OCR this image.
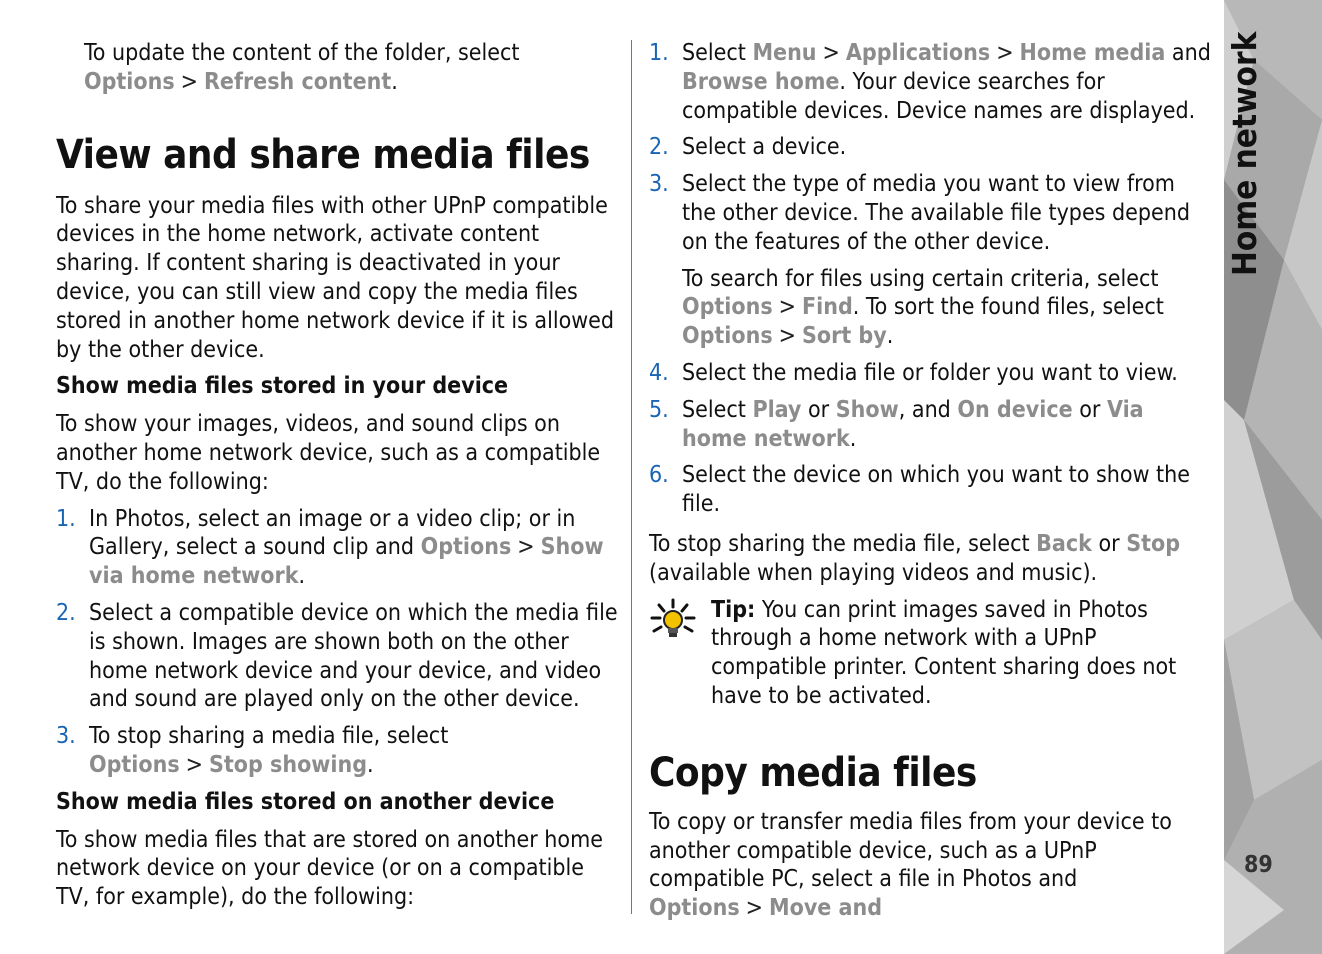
89

To update the content of the folder, select Options > Refresh content.

View and share media files

To share your media files with other UPnP compatible devices in the home network, activate content sharing. If content sharing is deactivated in your device, you can still view and copy the media files stored in another home network device if it is allowed by the other device.

Show media files stored in your device

To show your images, videos, and sound clips on another home network device, such as a compatible TV, do the following:

1. In Photos, select an image or a video clip; or in Gallery, select a sound clip and Options > Show via home network.
2. Select a compatible device on which the media file is shown. Images are shown both on the other home network device and your device, and video and sound are played only on the other device.
3. To stop sharing a media file, select Options > Stop showing.
Show media files stored on another device

To show media files that are stored on another home network device on your device (or on a compatible TV, for example), do the following:

1. Select Menu > Applications > Home media and Browse home. Your device searches for compatible devices. Device names are displayed.
2. Select a device.
3. Select the type of media you want to view from the other device. The available file types depend on the features of the other device.

To search for files using certain criteria, select Options > Find. To sort the found files, select Options > Sort by.

4. Select the media file or folder you want to view.
5. Select Play or Show, and On device or Via home network.
6. Select the device on which you want to show the file.

To stop sharing the media file, select Back or Stop (available when playing videos and music).

Tip: You can print images saved in Photos through a home network with a UPnP compatible printer. Content sharing does not have to be activated.
Copy media files

To copy or transfer media files from your device to another compatible device, such as a UPnP compatible PC, select a file in Photos and Options > Move and
